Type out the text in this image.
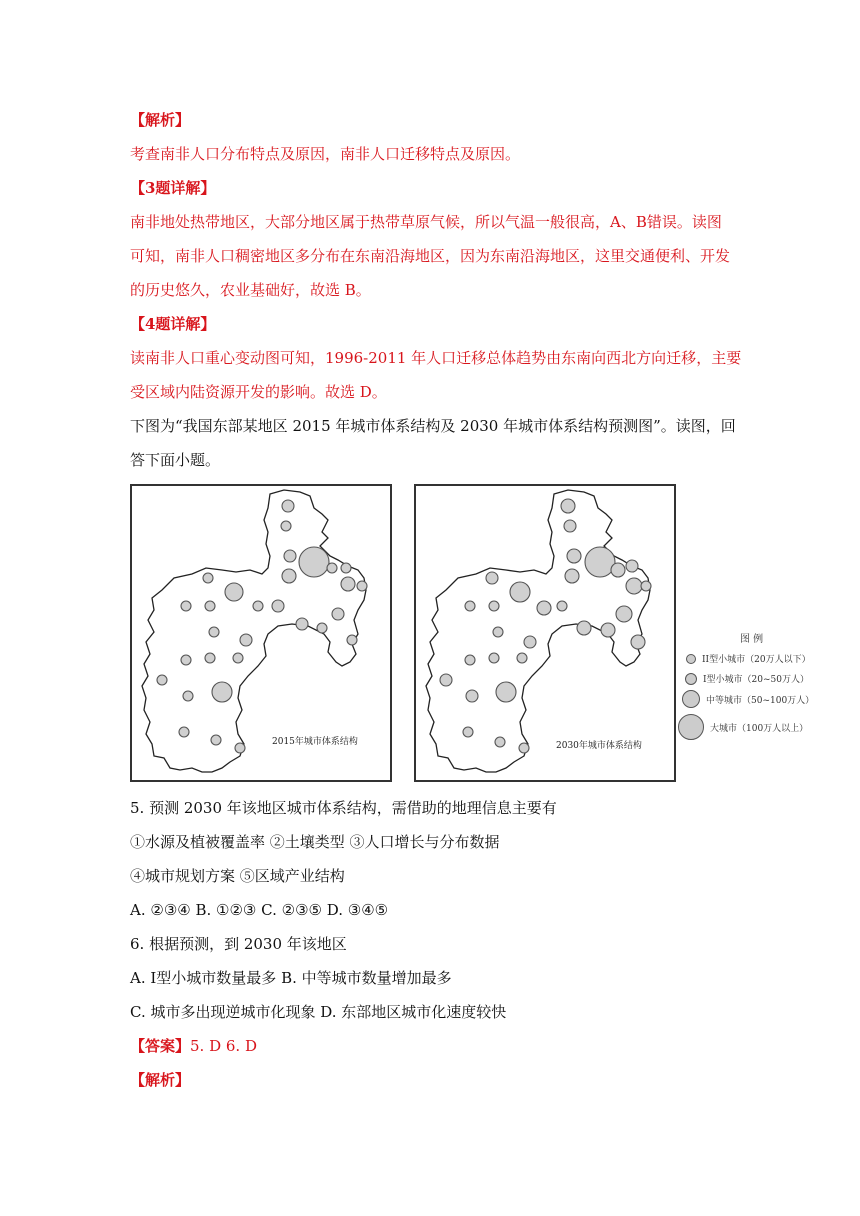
【解析】
考查南非人口分布特点及原因，南非人口迁移特点及原因。
【3题详解】
南非地处热带地区，大部分地区属于热带草原气候，所以气温一般很高，A、B错误。读图
可知，南非人口稠密地区多分布在东南沿海地区，因为东南沿海地区，这里交通便利、开发
的历史悠久，农业基础好，故选 B。
【4题详解】
读南非人口重心变动图可知，1996-2011 年人口迁移总体趋势由东南向西北方向迁移，主要
受区域内陆资源开发的影响。故选 D。
下图为“我国东部某地区 2015 年城市体系结构及 2030 年城市体系结构预测图”。读图，回
答下面小题。
2015年城市体系结构	2030年城市体系结构
图 例
II型小城市（20万人以下）
I型小城市（20~50万人）
中等城市（50~100万人）
大城市（100万人以上）
5. 预测 2030 年该地区城市体系结构，需借助的地理信息主要有
①水源及植被覆盖率 ②土壤类型 ③人口增长与分布数据
④城市规划方案 ⑤区域产业结构
A. ②③④ B. ①②③ C. ②③⑤ D. ③④⑤
6. 根据预测，到 2030 年该地区
A. Ⅰ型小城市数量最多 B. 中等城市数量增加最多
C. 城市多出现逆城市化现象 D. 东部地区城市化速度较快
【答案】5. D 6. D
【解析】
